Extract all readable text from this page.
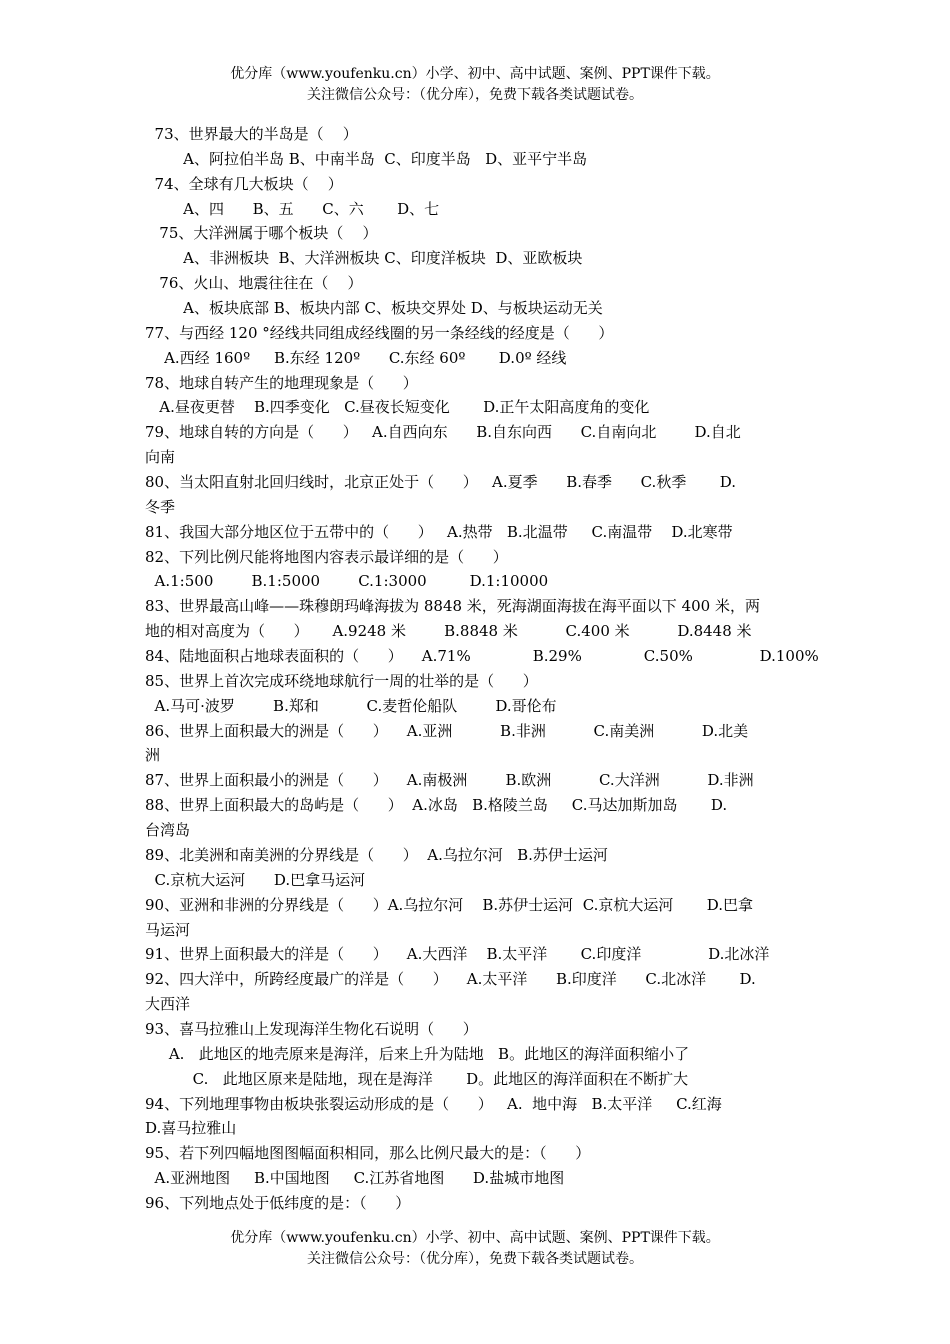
优分库（www.youfenku.cn）小学、初中、高中试题、案例、PPT课件下载。
关注微信公众号：（优分库），免费下载各类试题试卷。
73、世界最大的半岛是（    ）
A、阿拉伯半岛 B、中南半岛  C、印度半岛   D、亚平宁半岛
74、全球有几大板块（    ）
A、四      B、五      C、六       D、七
75、大洋洲属于哪个板块（    ）
A、非洲板块  B、大洋洲板块 C、印度洋板块  D、亚欧板块
76、火山、地震往往在（    ）
A、板块底部 B、板块内部 C、板块交界处 D、与板块运动无关
77、与西经 120 °经线共同组成经线圈的另一条经线的经度是（      ）
A.西经 160º     B.东经 120º      C.东经 60º       D.0º 经线
78、地球自转产生的地理现象是（      ）
A.昼夜更替    B.四季变化   C.昼夜长短变化       D.正午太阳高度角的变化
79、地球自转的方向是（      ）   A.自西向东      B.自东向西      C.自南向北        D.自北
向南
80、当太阳直射北回归线时，北京正处于（      ）   A.夏季      B.春季      C.秋季       D.
冬季
81、我国大部分地区位于五带中的（      ）   A.热带   B.北温带     C.南温带    D.北寒带
82、下列比例尺能将地图内容表示最详细的是（      ）
A.1:500        B.1:5000        C.1:3000         D.1:10000
83、世界最高山峰——珠穆朗玛峰海拔为 8848 米，死海湖面海拔在海平面以下 400 米，两
地的相对高度为（      ）     A.9248 米        B.8848 米          C.400 米          D.8448 米
84、陆地面积占地球表面积的（      ）    A.71%             B.29%             C.50%              D.100%
85、世界上首次完成环绕地球航行一周的壮举的是（      ）
A.马可·波罗        B.郑和          C.麦哲伦船队        D.哥伦布
86、世界上面积最大的洲是（      ）    A.亚洲          B.非洲          C.南美洲          D.北美
洲
87、世界上面积最小的洲是（      ）    A.南极洲        B.欧洲          C.大洋洲          D.非洲
88、世界上面积最大的岛屿是（      ）  A.冰岛   B.格陵兰岛     C.马达加斯加岛       D.
台湾岛
89、北美洲和南美洲的分界线是（      ）  A.乌拉尔河   B.苏伊士运河
C.京杭大运河      D.巴拿马运河
90、亚洲和非洲的分界线是（      ）A.乌拉尔河    B.苏伊士运河  C.京杭大运河       D.巴拿
马运河
91、世界上面积最大的洋是（      ）    A.大西洋    B.太平洋       C.印度洋              D.北冰洋
92、四大洋中，所跨经度最广的洋是（      ）    A.太平洋      B.印度洋      C.北冰洋       D.
大西洋
93、喜马拉雅山上发现海洋生物化石说明（      ）
A.   此地区的地壳原来是海洋，后来上升为陆地   B。此地区的海洋面积缩小了
C.   此地区原来是陆地，现在是海洋       D。此地区的海洋面积在不断扩大
94、下列地理事物由板块张裂运动形成的是（      ）   A.  地中海   B.太平洋     C.红海
D.喜马拉雅山
95、若下列四幅地图图幅面积相同，那么比例尺最大的是：（      ）
A.亚洲地图     B.中国地图     C.江苏省地图      D.盐城市地图
96、下列地点处于低纬度的是：（      ）
优分库（www.youfenku.cn）小学、初中、高中试题、案例、PPT课件下载。
关注微信公众号：（优分库），免费下载各类试题试卷。
